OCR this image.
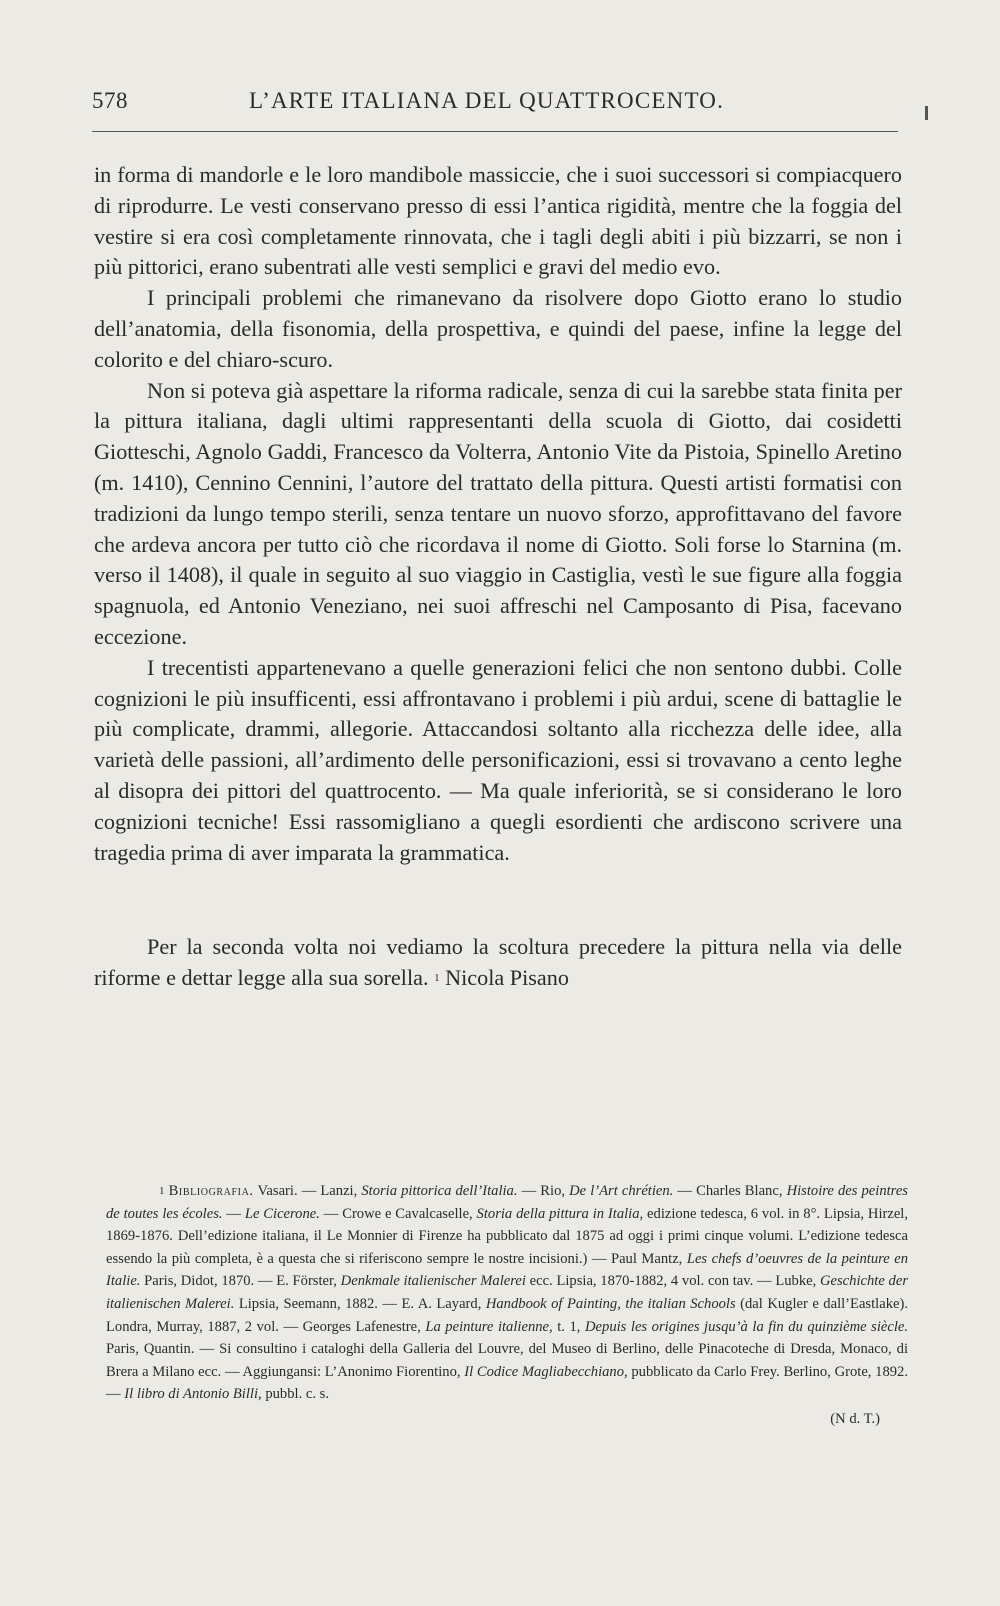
578	L’ARTE ITALIANA DEL QUATTROCENTO.

in forma di mandorle e le loro mandibole massiccie, che i suoi successori si compiacquero di riprodurre. Le vesti conservano presso di essi l’antica rigidità, mentre che la foggia del vestire si era così completamente rinnovata, che i tagli degli abiti i più bizzarri, se non i più pittorici, erano subentrati alle vesti semplici e gravi del medio evo.

I principali problemi che rimanevano da risolvere dopo Giotto erano lo studio dell’anatomia, della fisonomia, della prospettiva, e quindi del paese, infine la legge del colorito e del chiaro-scuro.

Non si poteva già aspettare la riforma radicale, senza di cui la sarebbe stata finita per la pittura italiana, dagli ultimi rappresentanti della scuola di Giotto, dai cosidetti Giotteschi, Agnolo Gaddi, Francesco da Volterra, Antonio Vite da Pistoia, Spinello Aretino (m. 1410), Cennino Cennini, l’autore del trattato della pittura. Questi artisti formatisi con tradizioni da lungo tempo sterili, senza tentare un nuovo sforzo, approfittavano del favore che ardeva ancora per tutto ciò che ricordava il nome di Giotto. Soli forse lo Starnina (m. verso il 1408), il quale in seguito al suo viaggio in Castiglia, vestì le sue figure alla foggia spagnuola, ed Antonio Veneziano, nei suoi affreschi nel Camposanto di Pisa, facevano eccezione.

I trecentisti appartenevano a quelle generazioni felici che non sentono dubbi. Colle cognizioni le più insufficenti, essi affrontavano i problemi i più ardui, scene di battaglie le più complicate, drammi, allegorie. Attaccandosi soltanto alla ricchezza delle idee, alla varietà delle passioni, all’ardimento delle personificazioni, essi si trovavano a cento leghe al disopra dei pittori del quattrocento. — Ma quale inferiorità, se si considerano le loro cognizioni tecniche! Essi rassomigliano a quegli esordienti che ardiscono scrivere una tragedia prima di aver imparata la grammatica.

Per la seconda volta noi vediamo la scoltura precedere la pittura nella via delle riforme e dettar legge alla sua sorella. $^1$ Nicola Pisano

$^1$ Bibliografia. Vasari. — Lanzi, Storia pittorica dell’Italia. — Rio, De l’Art chrétien. — Charles Blanc, Histoire des peintres de toutes les écoles. — Le Cicerone. — Crowe e Cavalcaselle, Storia della pittura in Italia, edizione tedesca, 6 vol. in 8°. Lipsia, Hirzel, 1869-1876. Dell’edizione italiana, il Le Monnier di Firenze ha pubblicato dal 1875 ad oggi i primi cinque volumi. L’edizione tedesca essendo la più completa, è a questa che si riferiscono sempre le nostre incisioni.) — Paul Mantz, Les chefs d’oeuvres de la peinture en Italie. Paris, Didot, 1870. — E. Förster, Denkmale italienischer Malerei ecc. Lipsia, 1870-1882, 4 vol. con tav. — Lubke, Geschichte der italienischen Malerei. Lipsia, Seemann, 1882. — E. A. Layard, Handbook of Painting, the italian Schools (dal Kugler e dall’Eastlake). Londra, Murray, 1887, 2 vol. — Georges Lafenestre, La peinture italienne, t. 1, Depuis les origines jusqu’à la fin du quinzième siècle. Paris, Quantin. — Si consultino i cataloghi della Galleria del Louvre, del Museo di Berlino, delle Pinacoteche di Dresda, Monaco, di Brera a Milano ecc. — Aggiungansi: L’Anonimo Fiorentino, Il Codice Magliabecchiano, pubblicato da Carlo Frey. Berlino, Grote, 1892. — Il libro di Antonio Billi, pubbl. c. s.

(N d. T.)
